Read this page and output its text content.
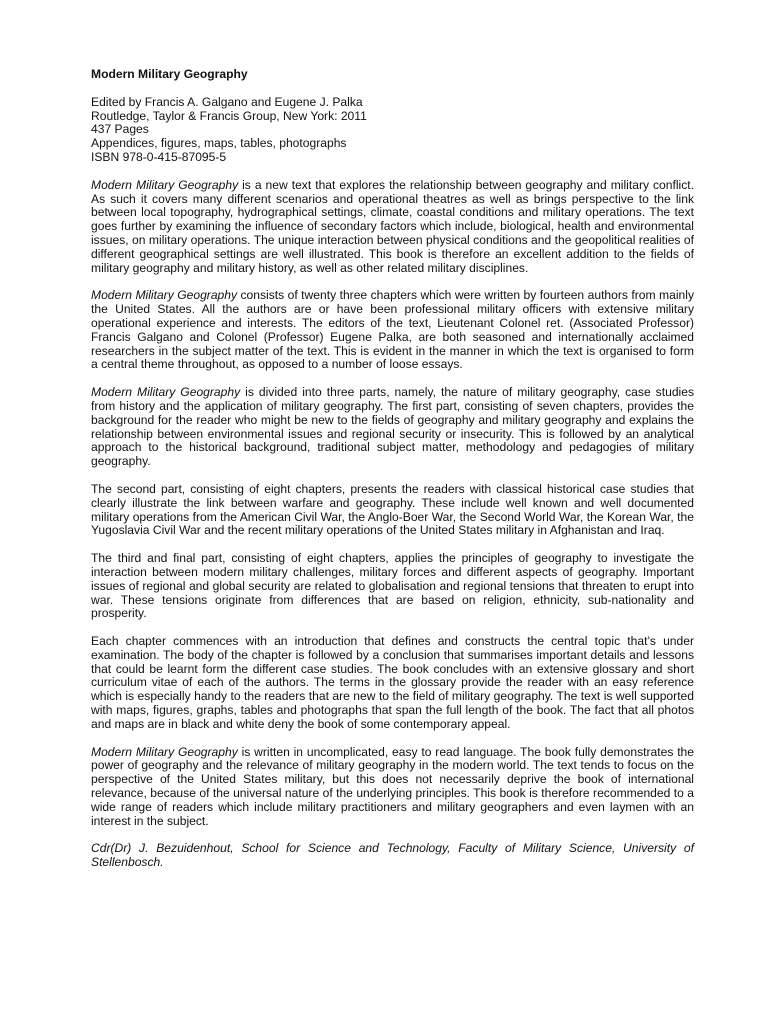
Modern Military Geography
Edited by Francis A. Galgano and Eugene J. Palka
Routledge, Taylor & Francis Group, New York: 2011
437 Pages
Appendices, figures, maps, tables, photographs
ISBN 978-0-415-87095-5

Modern Military Geography is a new text that explores the relationship between geography and military conflict. As such it covers many different scenarios and operational theatres as well as brings perspective to the link between local topography, hydrographical settings, climate, coastal conditions and military operations. The text goes further by examining the influence of secondary factors which include, biological, health and environmental issues, on military operations. The unique interaction between physical conditions and the geopolitical realities of different geographical settings are well illustrated. This book is therefore an excellent addition to the fields of military geography and military history, as well as other related military disciplines.

Modern Military Geography consists of twenty three chapters which were written by fourteen authors from mainly the United States. All the authors are or have been professional military officers with extensive military operational experience and interests. The editors of the text, Lieutenant Colonel ret. (Associated Professor) Francis Galgano and Colonel (Professor) Eugene Palka, are both seasoned and internationally acclaimed researchers in the subject matter of the text. This is evident in the manner in which the text is organised to form a central theme throughout, as opposed to a number of loose essays.

Modern Military Geography is divided into three parts, namely, the nature of military geography, case studies from history and the application of military geography. The first part, consisting of seven chapters, provides the background for the reader who might be new to the fields of geography and military geography and explains the relationship between environmental issues and regional security or insecurity. This is followed by an analytical approach to the historical background, traditional subject matter, methodology and pedagogies of military geography.

The second part, consisting of eight chapters, presents the readers with classical historical case studies that clearly illustrate the link between warfare and geography. These include well known and well documented military operations from the American Civil War, the Anglo-Boer War, the Second World War, the Korean War, the Yugoslavia Civil War and the recent military operations of the United States military in Afghanistan and Iraq.

The third and final part, consisting of eight chapters, applies the principles of geography to investigate the interaction between modern military challenges, military forces and different aspects of geography. Important issues of regional and global security are related to globalisation and regional tensions that threaten to erupt into war. These tensions originate from differences that are based on religion, ethnicity, sub-nationality and prosperity.

Each chapter commences with an introduction that defines and constructs the central topic that’s under examination. The body of the chapter is followed by a conclusion that summarises important details and lessons that could be learnt form the different case studies. The book concludes with an extensive glossary and short curriculum vitae of each of the authors. The terms in the glossary provide the reader with an easy reference which is especially handy to the readers that are new to the field of military geography. The text is well supported with maps, figures, graphs, tables and photographs that span the full length of the book. The fact that all photos and maps are in black and white deny the book of some contemporary appeal.

Modern Military Geography is written in uncomplicated, easy to read language. The book fully demonstrates the power of geography and the relevance of military geography in the modern world. The text tends to focus on the perspective of the United States military, but this does not necessarily deprive the book of international relevance, because of the universal nature of the underlying principles. This book is therefore recommended to a wide range of readers which include military practitioners and military geographers and even laymen with an interest in the subject.

Cdr(Dr) J. Bezuidenhout, School for Science and Technology, Faculty of Military Science, University of Stellenbosch.
